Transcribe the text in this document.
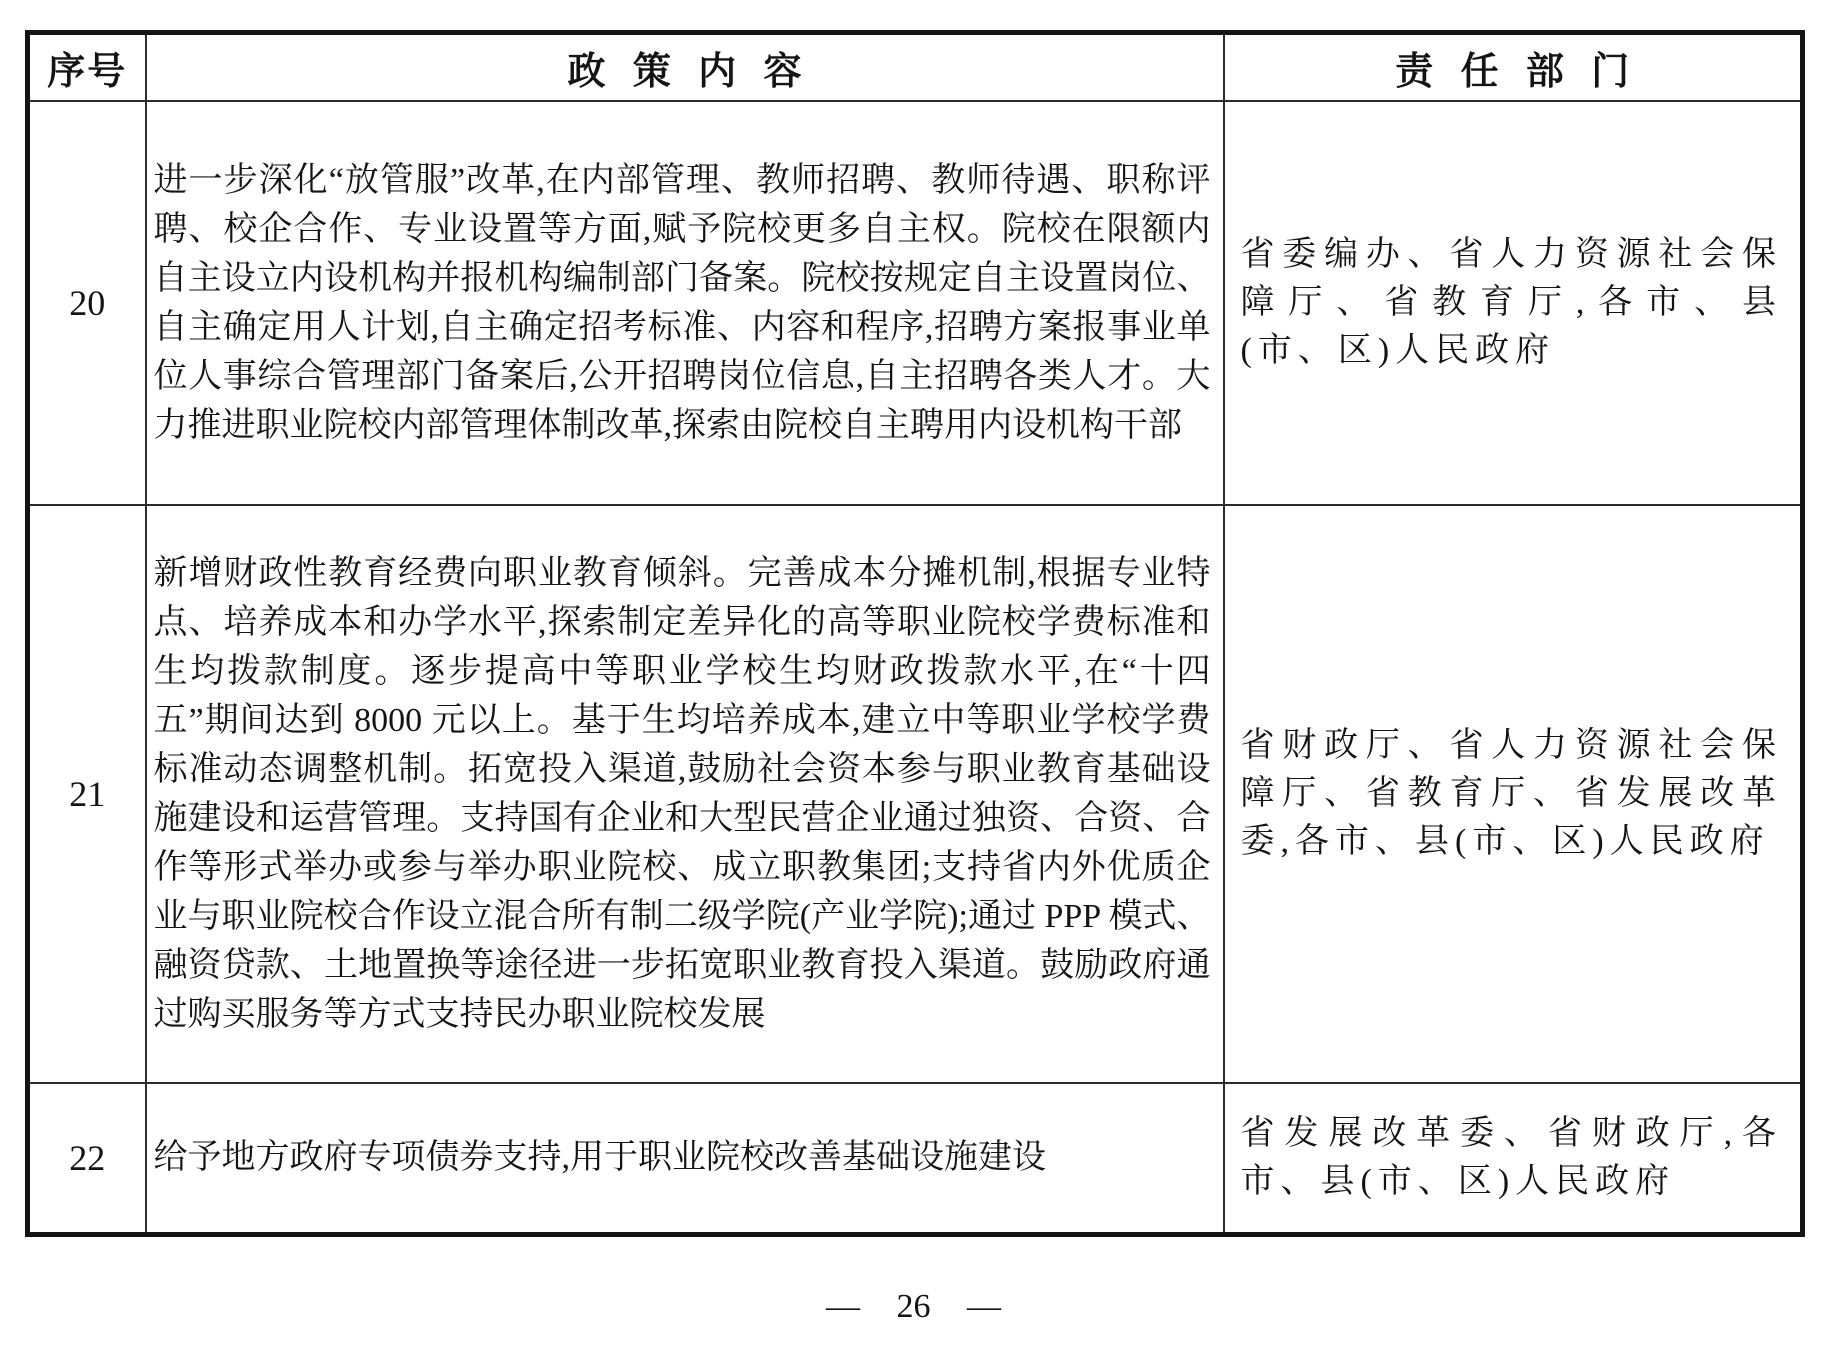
序号	政策内容	责任部门
20	进一步深化“放管服”改革,在内部管理、教师招聘、教师待遇、职称评聘、校企合作、专业设置等方面,赋予院校更多自主权。院校在限额内自主设立内设机构并报机构编制部门备案。院校按规定自主设置岗位、自主确定用人计划,自主确定招考标准、内容和程序,招聘方案报事业单位人事综合管理部门备案后,公开招聘岗位信息,自主招聘各类人才。大力推进职业院校内部管理体制改革,探索由院校自主聘用内设机构干部	省委编办、省人力资源社会保障厅、省教育厅,各市、县(市、区)人民政府
21	新增财政性教育经费向职业教育倾斜。完善成本分摊机制,根据专业特点、培养成本和办学水平,探索制定差异化的高等职业院校学费标准和生均拨款制度。逐步提高中等职业学校生均财政拨款水平,在“十四五”期间达到 8000 元以上。基于生均培养成本,建立中等职业学校学费标准动态调整机制。拓宽投入渠道,鼓励社会资本参与职业教育基础设施建设和运营管理。支持国有企业和大型民营企业通过独资、合资、合作等形式举办或参与举办职业院校、成立职教集团;支持省内外优质企业与职业院校合作设立混合所有制二级学院(产业学院);通过 PPP 模式、融资贷款、土地置换等途径进一步拓宽职业教育投入渠道。鼓励政府通过购买服务等方式支持民办职业院校发展	省财政厅、省人力资源社会保障厅、省教育厅、省发展改革委,各市、县(市、区)人民政府
22	给予地方政府专项债券支持,用于职业院校改善基础设施建设	省发展改革委、省财政厅,各市、县(市、区)人民政府
— 26 —
